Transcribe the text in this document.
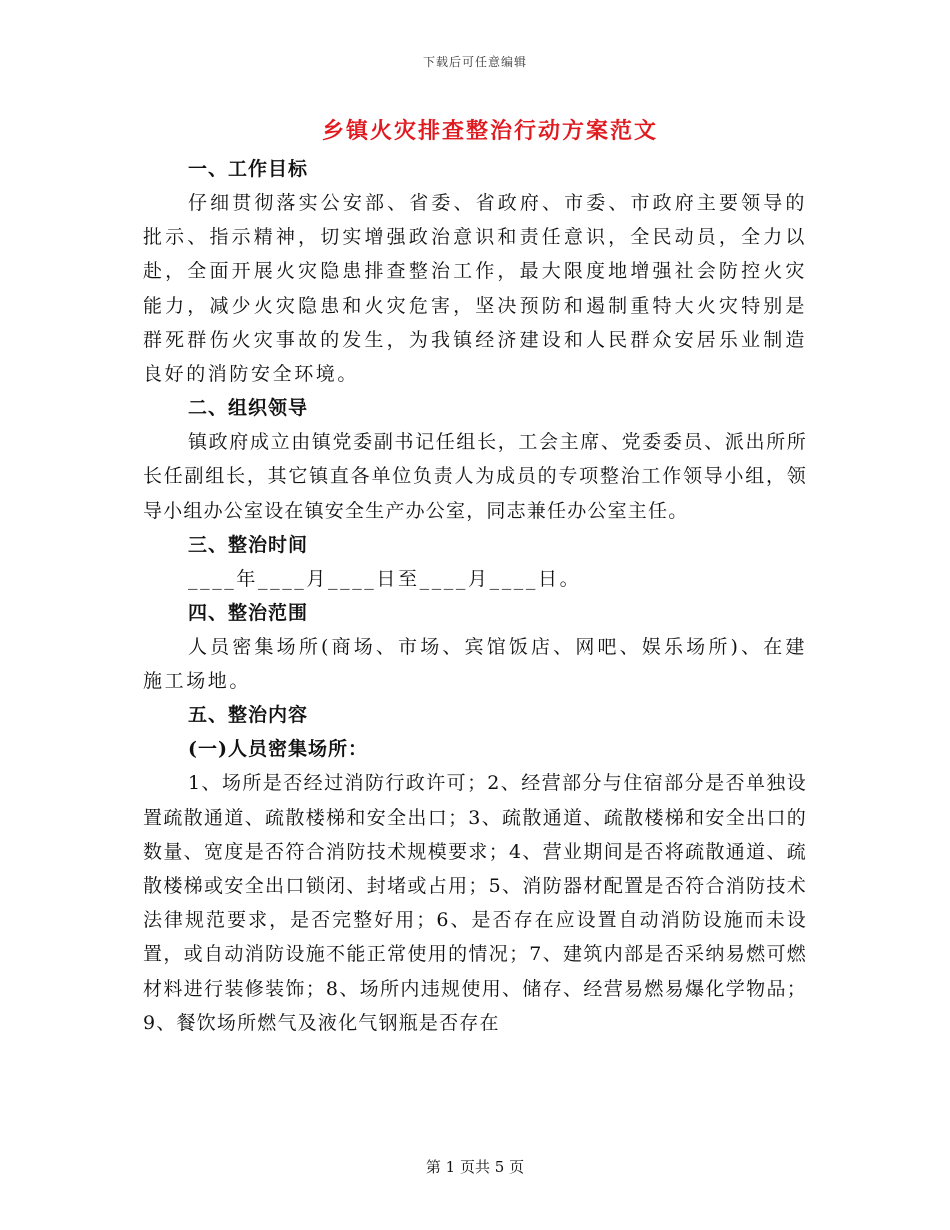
下载后可任意编辑
乡镇火灾排查整治行动方案范文
一、工作目标

仔细贯彻落实公安部、省委、省政府、市委、市政府主要领导的批示、指示精神，切实增强政治意识和责任意识，全民动员，全力以赴，全面开展火灾隐患排查整治工作，最大限度地增强社会防控火灾能力，减少火灾隐患和火灾危害，坚决预防和遏制重特大火灾特别是群死群伤火灾事故的发生，为我镇经济建设和人民群众安居乐业制造良好的消防安全环境。

二、组织领导

镇政府成立由镇党委副书记任组长，工会主席、党委委员、派出所所长任副组长，其它镇直各单位负责人为成员的专项整治工作领导小组，领导小组办公室设在镇安全生产办公室，同志兼任办公室主任。

三、整治时间

____年____月____日至____月____日。

四、整治范围

人员密集场所(商场、市场、宾馆饭店、网吧、娱乐场所)、在建施工场地。

五、整治内容
(一)人员密集场所：

1、场所是否经过消防行政许可；2、经营部分与住宿部分是否单独设置疏散通道、疏散楼梯和安全出口；3、疏散通道、疏散楼梯和安全出口的数量、宽度是否符合消防技术规模要求；4、营业期间是否将疏散通道、疏散楼梯或安全出口锁闭、封堵或占用；5、消防器材配置是否符合消防技术法律规范要求，是否完整好用；6、是否存在应设置自动消防设施而未设置，或自动消防设施不能正常使用的情况；7、建筑内部是否采纳易燃可燃材料进行装修装饰；8、场所内违规使用、储存、经营易燃易爆化学物品；9、餐饮场所燃气及液化气钢瓶是否存在

第 1 页共 5 页
